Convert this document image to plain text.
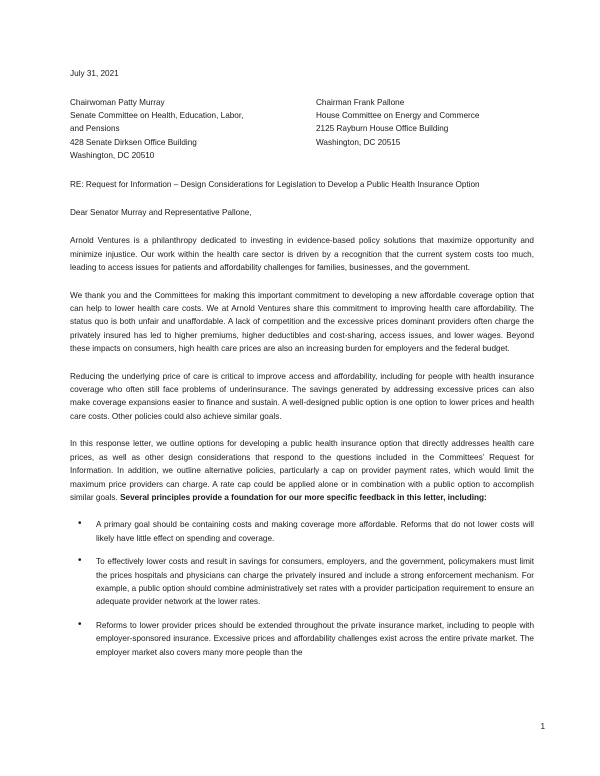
July 31, 2021
Chairwoman Patty Murray
Senate Committee on Health, Education, Labor,
and Pensions
428 Senate Dirksen Office Building
Washington, DC 20510
Chairman Frank Pallone
House Committee on Energy and Commerce
2125 Rayburn House Office Building
Washington, DC 20515
RE: Request for Information – Design Considerations for Legislation to Develop a Public Health Insurance Option
Dear Senator Murray and Representative Pallone,

Arnold Ventures is a philanthropy dedicated to investing in evidence-based policy solutions that maximize opportunity and minimize injustice. Our work within the health care sector is driven by a recognition that the current system costs too much, leading to access issues for patients and affordability challenges for families, businesses, and the government.

We thank you and the Committees for making this important commitment to developing a new affordable coverage option that can help to lower health care costs. We at Arnold Ventures share this commitment to improving health care affordability. The status quo is both unfair and unaffordable. A lack of competition and the excessive prices dominant providers often charge the privately insured has led to higher premiums, higher deductibles and cost-sharing, access issues, and lower wages. Beyond these impacts on consumers, high health care prices are also an increasing burden for employers and the federal budget.

Reducing the underlying price of care is critical to improve access and affordability, including for people with health insurance coverage who often still face problems of underinsurance. The savings generated by addressing excessive prices can also make coverage expansions easier to finance and sustain. A well-designed public option is one option to lower prices and health care costs. Other policies could also achieve similar goals.

In this response letter, we outline options for developing a public health insurance option that directly addresses health care prices, as well as other design considerations that respond to the questions included in the Committees’ Request for Information. In addition, we outline alternative policies, particularly a cap on provider payment rates, which would limit the maximum price providers can charge. A rate cap could be applied alone or in combination with a public option to accomplish similar goals. Several principles provide a foundation for our more specific feedback in this letter, including:

• A primary goal should be containing costs and making coverage more affordable. Reforms that do not lower costs will likely have little effect on spending and coverage.
• To effectively lower costs and result in savings for consumers, employers, and the government, policymakers must limit the prices hospitals and physicians can charge the privately insured and include a strong enforcement mechanism. For example, a public option should combine administratively set rates with a provider participation requirement to ensure an adequate provider network at the lower rates.
• Reforms to lower provider prices should be extended throughout the private insurance market, including to people with employer-sponsored insurance. Excessive prices and affordability challenges exist across the entire private market. The employer market also covers many more people than the
1
